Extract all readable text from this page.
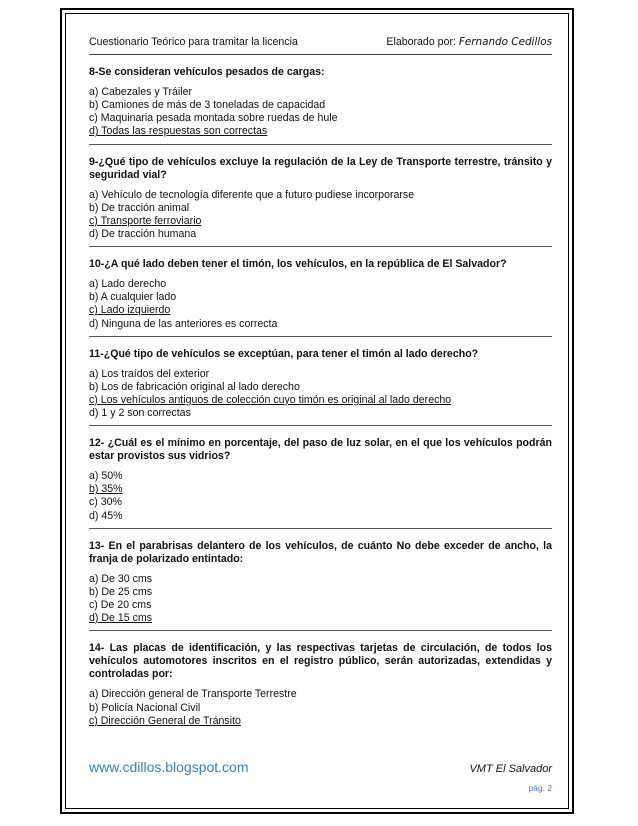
Cuestionario Teórico para tramitar la licencia	Elaborado por: Fernando Cedillos
8-Se consideran vehículos pesados de cargas:
a) Cabezales y Tráiler
b) Camiones de más de 3 toneladas de capacidad
c) Maquinaria pesada montada sobre ruedas de hule
d) Todas las respuestas son correctas
9-¿Qué tipo de vehículos excluye la regulación de la Ley de Transporte terrestre, tránsito y seguridad vial?
a) Vehículo de tecnología diferente que a futuro pudiese incorporarse
b) De tracción animal
c) Transporte ferroviario
d) De tracción humana
10-¿A qué lado deben tener el timón, los vehículos, en la república de El Salvador?
a) Lado derecho
b) A cualquier lado
c) Lado izquierdo
d) Ninguna de las anteriores es correcta
11-¿Qué tipo de vehículos se exceptúan, para tener el timón al lado derecho?
a) Los traídos del exterior
b) Los de fabricación original al lado derecho
c) Los vehículos antiguos de colección cuyo timón es original al lado derecho
d) 1 y 2 son correctas
12- ¿Cuál es el mínimo en porcentaje, del paso de luz solar, en el que los vehículos podrán estar provistos sus vidrios?
a) 50%
b) 35%
c) 30%
d) 45%
13- En el parabrisas delantero de los vehículos, de cuánto No debe exceder de ancho, la franja de polarizado entintado:
a) De 30 cms
b) De 25 cms
c) De 20 cms
d) De 15 cms
14- Las placas de identificación, y las respectivas tarjetas de circulación, de todos los vehículos automotores inscritos en el registro público, serán autorizadas, extendidas y controladas por:
a) Dirección general de Transporte Terrestre
b) Policía Nacional Civil
c) Dirección General de Tránsito
www.cdillos.blogspot.com	VMT El Salvador
pág. 2
